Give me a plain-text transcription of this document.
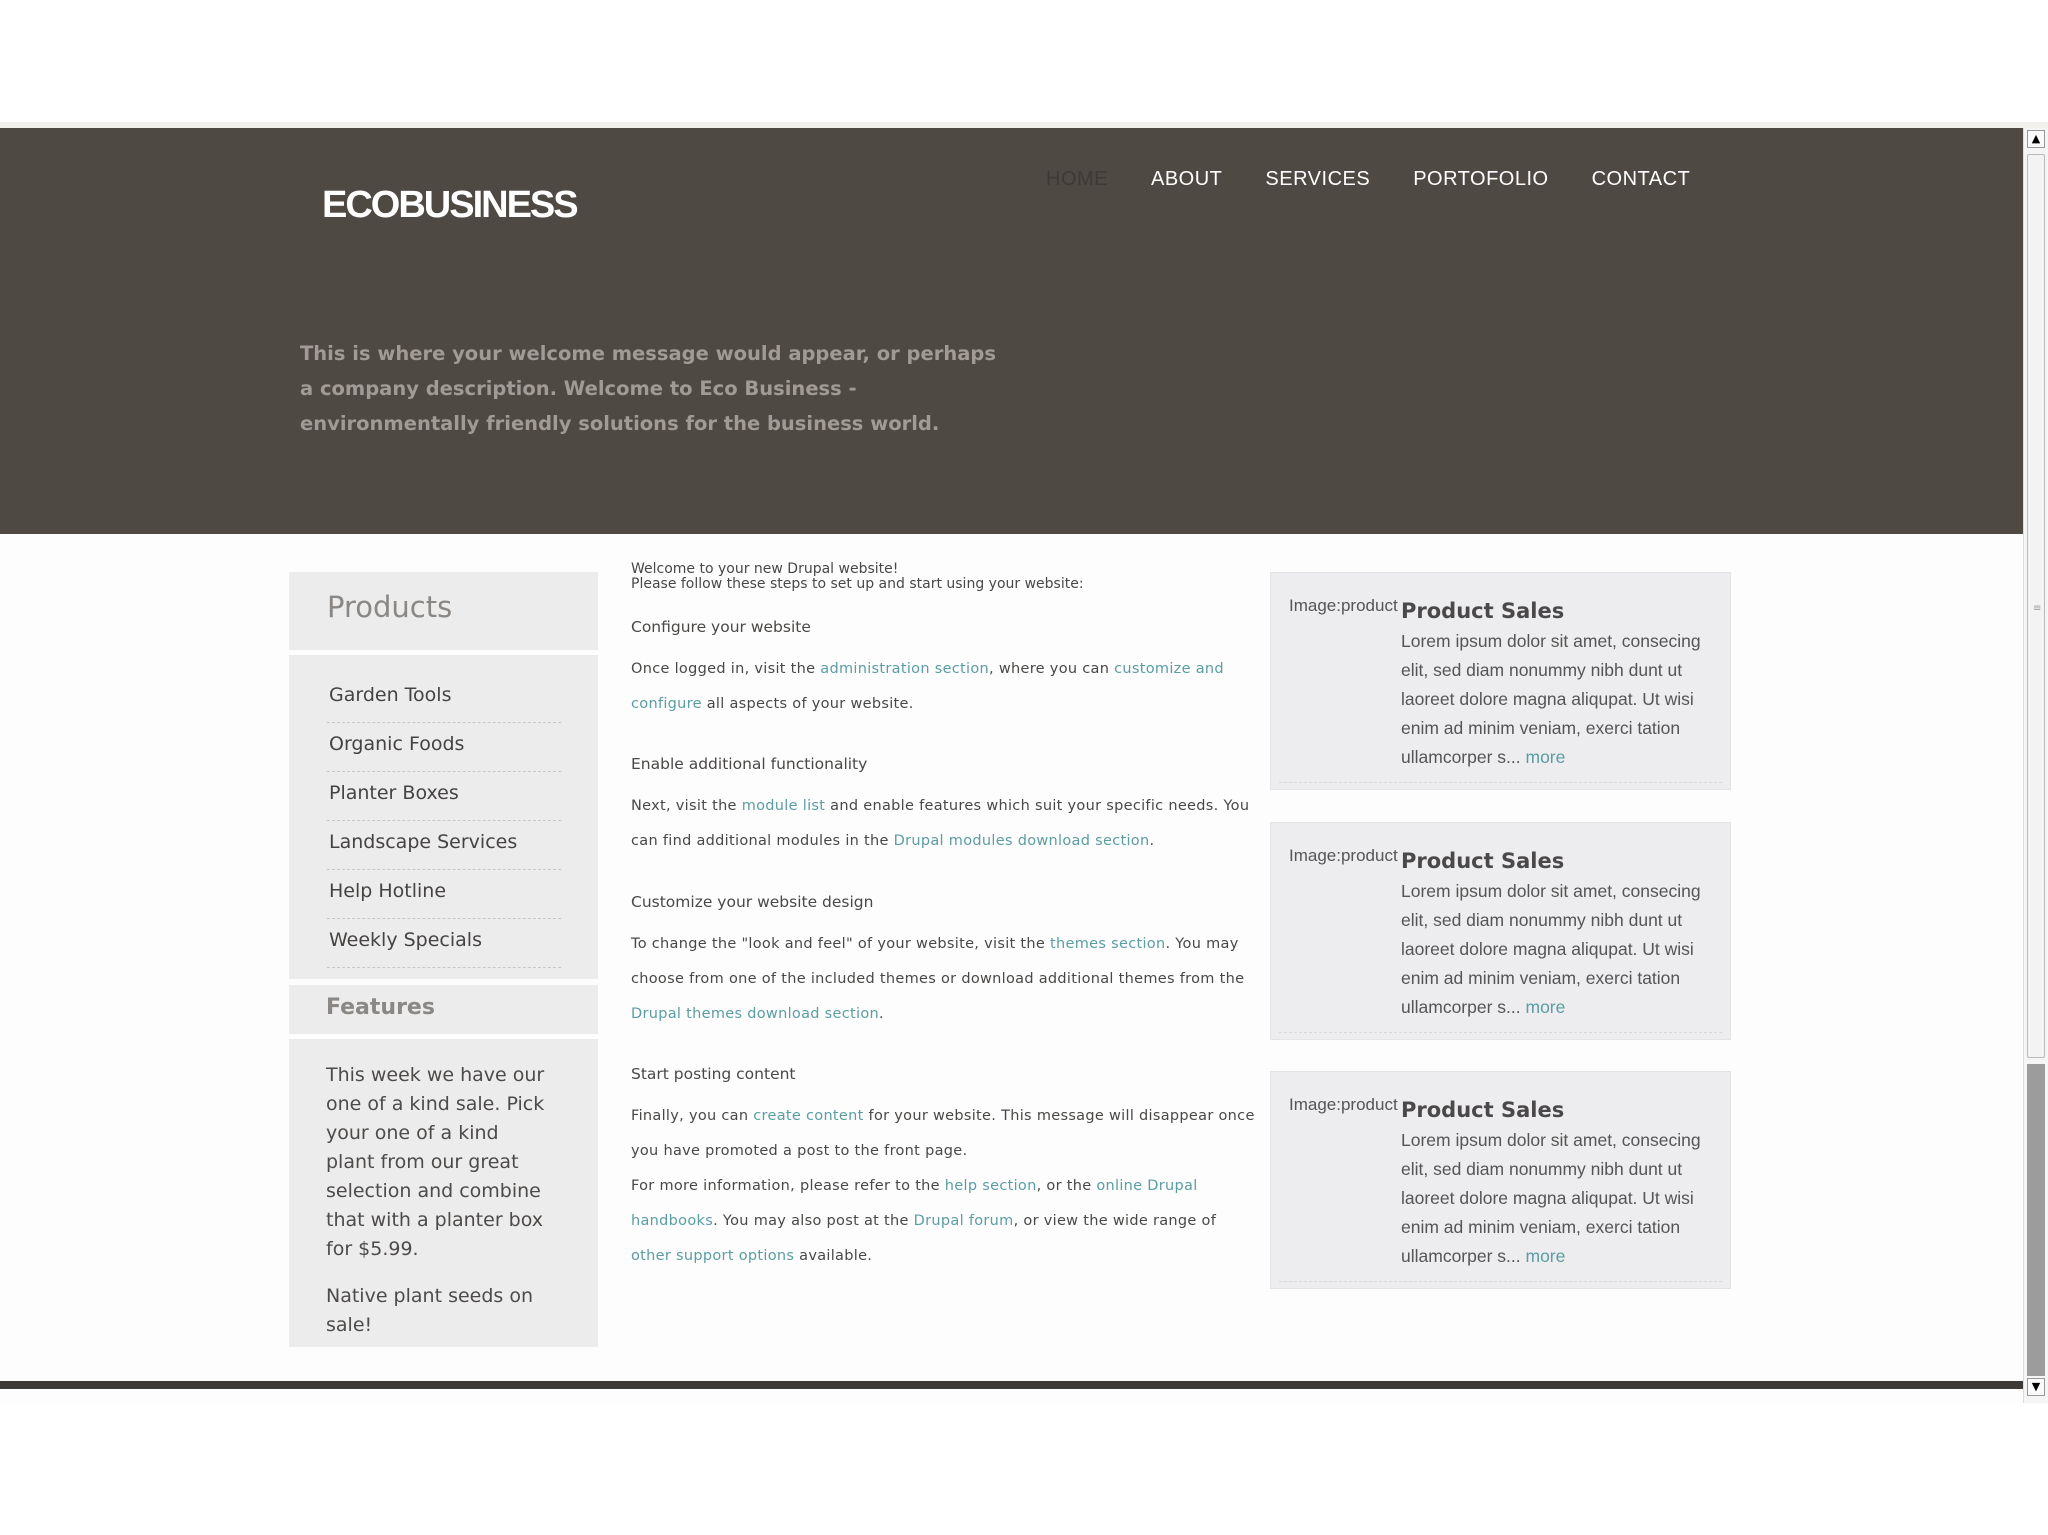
ECOBUSINESS
HOME ABOUT SERVICES PORTOFOLIO CONTACT
This is where your welcome message would appear, or perhaps a company description. Welcome to Eco Business - environmentally friendly solutions for the business world.
Products
Garden Tools
Organic Foods
Planter Boxes
Landscape Services
Help Hotline
Weekly Specials
Features

This week we have our one of a kind sale. Pick your one of a kind plant from our great selection and combine that with a planter box for $5.99.

Native plant seeds on sale!

Welcome to your new Drupal website!
Please follow these steps to set up and start using your website:

Configure your website

Once logged in, visit the administration section, where you can customize and configure all aspects of your website.

Enable additional functionality

Next, visit the module list and enable features which suit your specific needs. You can find additional modules in the Drupal modules download section.

Customize your website design

To change the "look and feel" of your website, visit the themes section. You may choose from one of the included themes or download additional themes from the Drupal themes download section.

Start posting content

Finally, you can create content for your website. This message will disappear once you have promoted a post to the front page.
For more information, please refer to the help section, or the online Drupal handbooks. You may also post at the Drupal forum, or view the wide range of other support options available.

Image:product Product Sales
Lorem ipsum dolor sit amet, consecing elit, sed diam nonummy nibh dunt ut laoreet dolore magna aliqupat. Ut wisi enim ad minim veniam, exerci tation ullamcorper s... more
Image:product Product Sales
Lorem ipsum dolor sit amet, consecing elit, sed diam nonummy nibh dunt ut laoreet dolore magna aliqupat. Ut wisi enim ad minim veniam, exerci tation ullamcorper s... more
Image:product Product Sales
Lorem ipsum dolor sit amet, consecing elit, sed diam nonummy nibh dunt ut laoreet dolore magna aliqupat. Ut wisi enim ad minim veniam, exerci tation ullamcorper s... more
▲
≡
▼
